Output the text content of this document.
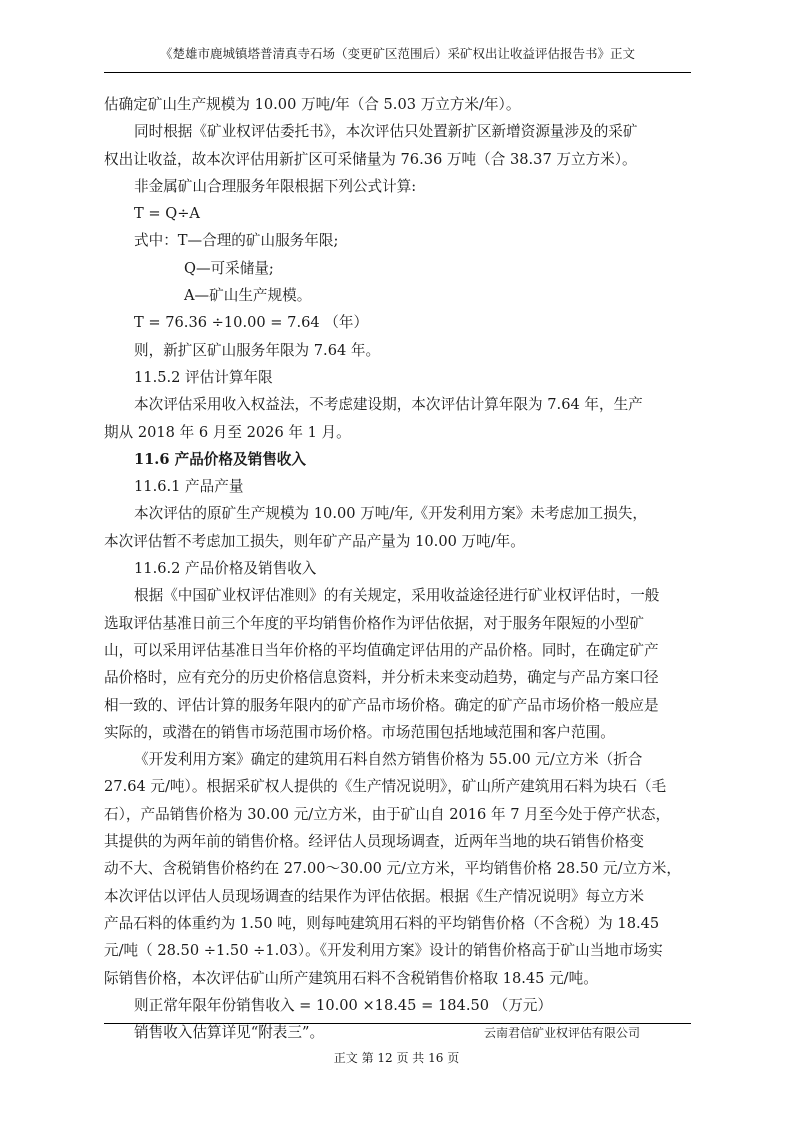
《楚雄市鹿城镇塔普清真寺石场（变更矿区范围后）采矿权出让收益评估报告书》正文

估确定矿山生产规模为 10.00 万吨/年（合 5.03 万立方米/年）。

同时根据《矿业权评估委托书》，本次评估只处置新扩区新增资源量涉及的采矿

权出让收益，故本次评估用新扩区可采储量为 76.36 万吨（合 38.37 万立方米）。

非金属矿山合理服务年限根据下列公式计算:

T = Q÷A

式中：T—合理的矿山服务年限;

Q—可采储量;

A—矿山生产规模。

T = 76.36 ÷10.00 = 7.64 （年）

则，新扩区矿山服务年限为 7.64 年。

11.5.2 评估计算年限

本次评估采用收入权益法，不考虑建设期，本次评估计算年限为 7.64 年，生产

期从 2018 年 6 月至 2026 年 1 月。

11.6 产品价格及销售收入

11.6.1 产品产量

本次评估的原矿生产规模为 10.00 万吨/年,《开发利用方案》未考虑加工损失，

本次评估暂不考虑加工损失，则年矿产品产量为 10.00 万吨/年。

11.6.2 产品价格及销售收入

根据《中国矿业权评估准则》的有关规定，采用收益途径进行矿业权评估时，一般

选取评估基准日前三个年度的平均销售价格作为评估依据，对于服务年限短的小型矿

山，可以采用评估基准日当年价格的平均值确定评估用的产品价格。同时，在确定矿产

品价格时，应有充分的历史价格信息资料，并分析未来变动趋势，确定与产品方案口径

相一致的、评估计算的服务年限内的矿产品市场价格。确定的矿产品市场价格一般应是

实际的，或潜在的销售市场范围市场价格。市场范围包括地域范围和客户范围。

《开发利用方案》确定的建筑用石料自然方销售价格为 55.00 元/立方米（折合

27.64 元/吨）。根据采矿权人提供的《生产情况说明》，矿山所产建筑用石料为块石（毛

石），产品销售价格为 30.00 元/立方米，由于矿山自 2016 年 7 月至今处于停产状态，

其提供的为两年前的销售价格。经评估人员现场调查，近两年当地的块石销售价格变

动不大、含税销售价格约在 27.00～30.00 元/立方米，平均销售价格 28.50 元/立方米，

本次评估以评估人员现场调查的结果作为评估依据。根据《生产情况说明》每立方米

产品石料的体重约为 1.50 吨，则每吨建筑用石料的平均销售价格（不含税）为 18.45

元/吨（ 28.50 ÷1.50 ÷1.03）。《开发利用方案》设计的销售价格高于矿山当地市场实

际销售价格，本次评估矿山所产建筑用石料不含税销售价格取 18.45 元/吨。

则正常年限年份销售收入 = 10.00 ×18.45 = 184.50 （万元）

销售收入估算详见“附表三”。	云南君信矿业权评估有限公司
正文 第 12 页 共 16 页
